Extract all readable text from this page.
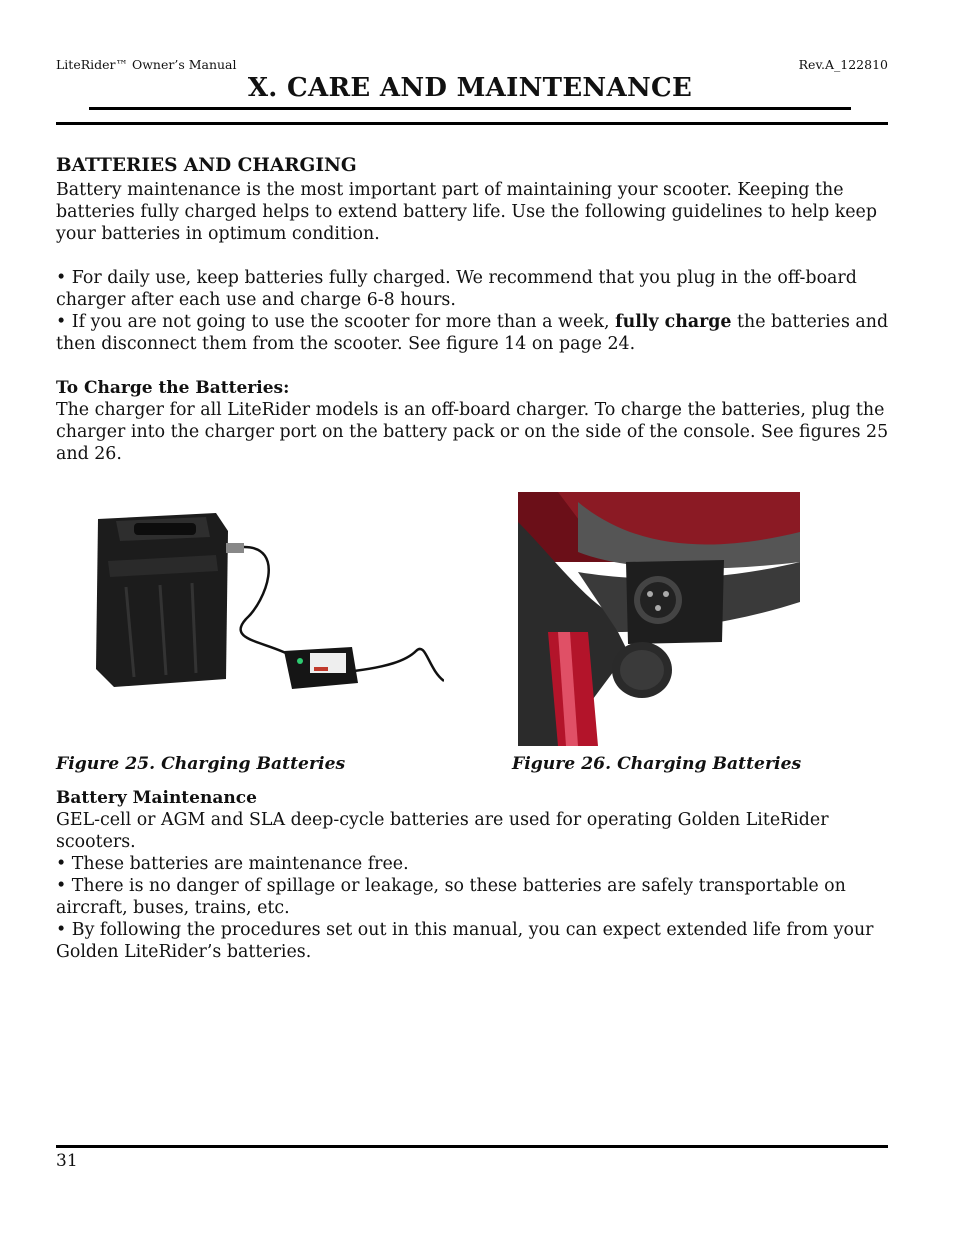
LiteRider™ Owner’s Manual	Rev.A_122810
X. CARE AND MAINTENANCE

BATTERIES AND CHARGING

Battery maintenance is the most important part of maintaining your scooter. Keeping the batteries fully charged helps to extend battery life. Use the following guidelines to help keep your batteries in optimum condition.

• For daily use, keep batteries fully charged. We recommend that you plug in the off-board charger after each use and charge 6-8 hours.

• If you are not going to use the scooter for more than a week, fully charge the batteries and then disconnect them from the scooter. See figure 14 on page 24.

To Charge the Batteries:

The charger for all LiteRider models is an off-board charger. To charge the batteries, plug the charger into the charger port on the battery pack or on the side of the console. See figures 25 and 26.

Figure 25. Charging Batteries	Figure 26. Charging Batteries

Battery Maintenance

GEL-cell or AGM and SLA deep-cycle batteries are used for operating Golden LiteRider scooters.

• These batteries are maintenance free.

• There is no danger of spillage or leakage, so these batteries are safely transportable on aircraft, buses, trains, etc.

• By following the procedures set out in this manual, you can expect extended life from your Golden LiteRider’s batteries.

31
